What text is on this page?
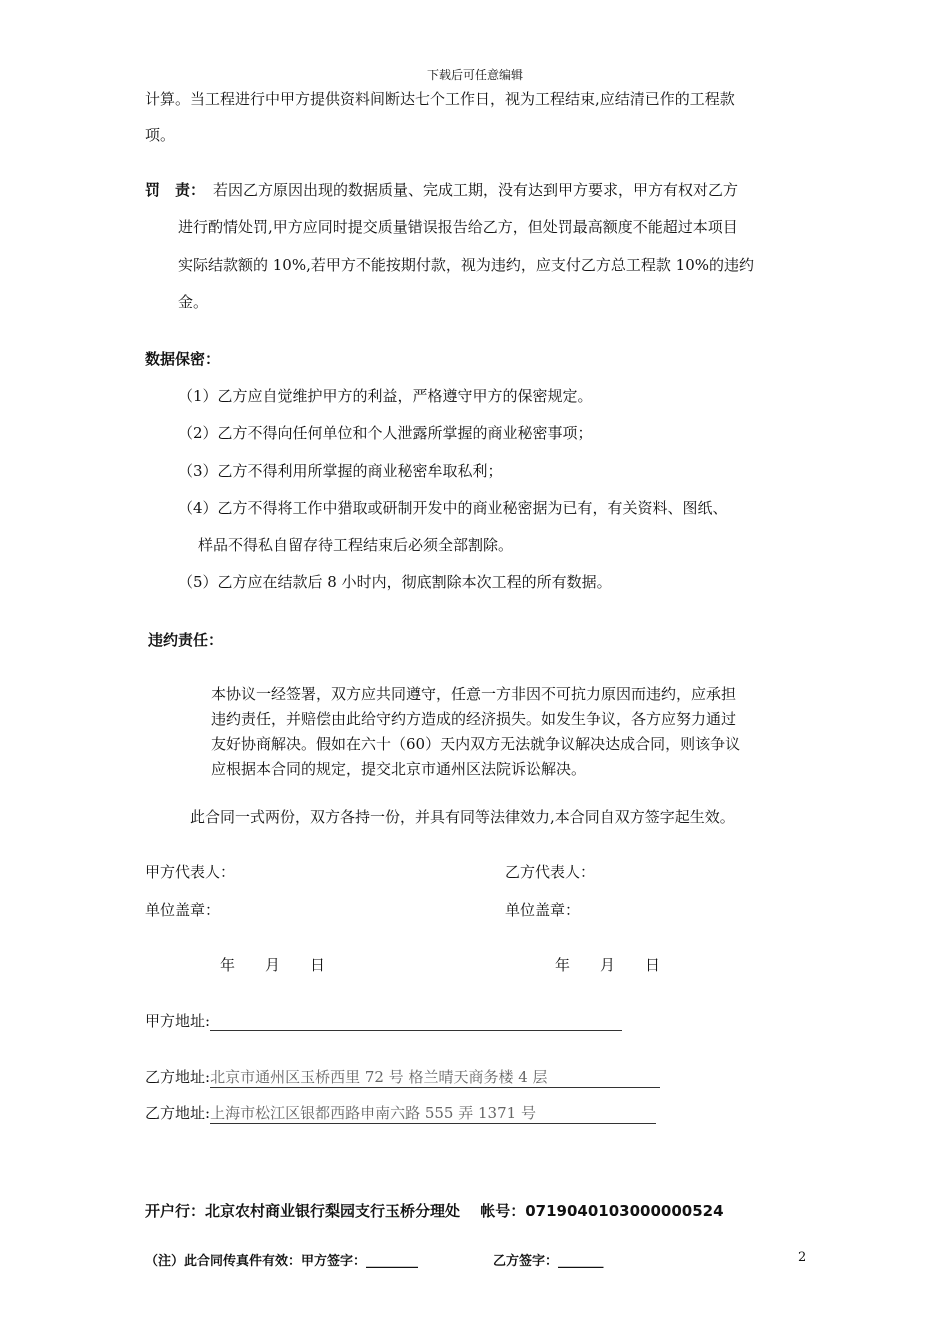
下载后可任意编辑
计算。当工程进行中甲方提供资料间断达七个工作日，视为工程结束,应结清已作的工程款
项。
罚　责： 若因乙方原因出现的数据质量、完成工期，没有达到甲方要求，甲方有权对乙方
进行酌情处罚,甲方应同时提交质量错误报告给乙方，但处罚最高额度不能超过本项目
实际结款额的 10%,若甲方不能按期付款，视为违约，应支付乙方总工程款 10%的违约
金。
数据保密：
（1）乙方应自觉维护甲方的利益，严格遵守甲方的保密规定。
（2）乙方不得向任何单位和个人泄露所掌握的商业秘密事项；
（3）乙方不得利用所掌握的商业秘密牟取私利；
（4）乙方不得将工作中猎取或研制开发中的商业秘密据为已有，有关资料、图纸、
样品不得私自留存待工程结束后必须全部割除。
（5）乙方应在结款后 8 小时内，彻底割除本次工程的所有数据。
违约责任：
本协议一经签署，双方应共同遵守，任意一方非因不可抗力原因而违约，应承担
违约责任，并赔偿由此给守约方造成的经济损失。如发生争议，各方应努力通过
友好协商解决。假如在六十（60）天内双方无法就争议解决达成合同，则该争议
应根据本合同的规定，提交北京市通州区法院诉讼解决。
此合同一式两份，双方各持一份，并具有同等法律效力,本合同自双方签字起生效。
甲方代表人：	乙方代表人：
单位盖章：	单位盖章：
年　　月　　日	年　　月　　日
甲方地址:
乙方地址:北京市通州区玉桥西里 72 号 格兰晴天商务楼 4 层
乙方地址:上海市松江区银都西路申南六路 555 弄 1371 号
开户行：北京农村商业银行梨园支行玉桥分理处　 帐号：0719040103000000524
（注）此合同传真件有效：甲方签字：________	乙方签字：_______	2
